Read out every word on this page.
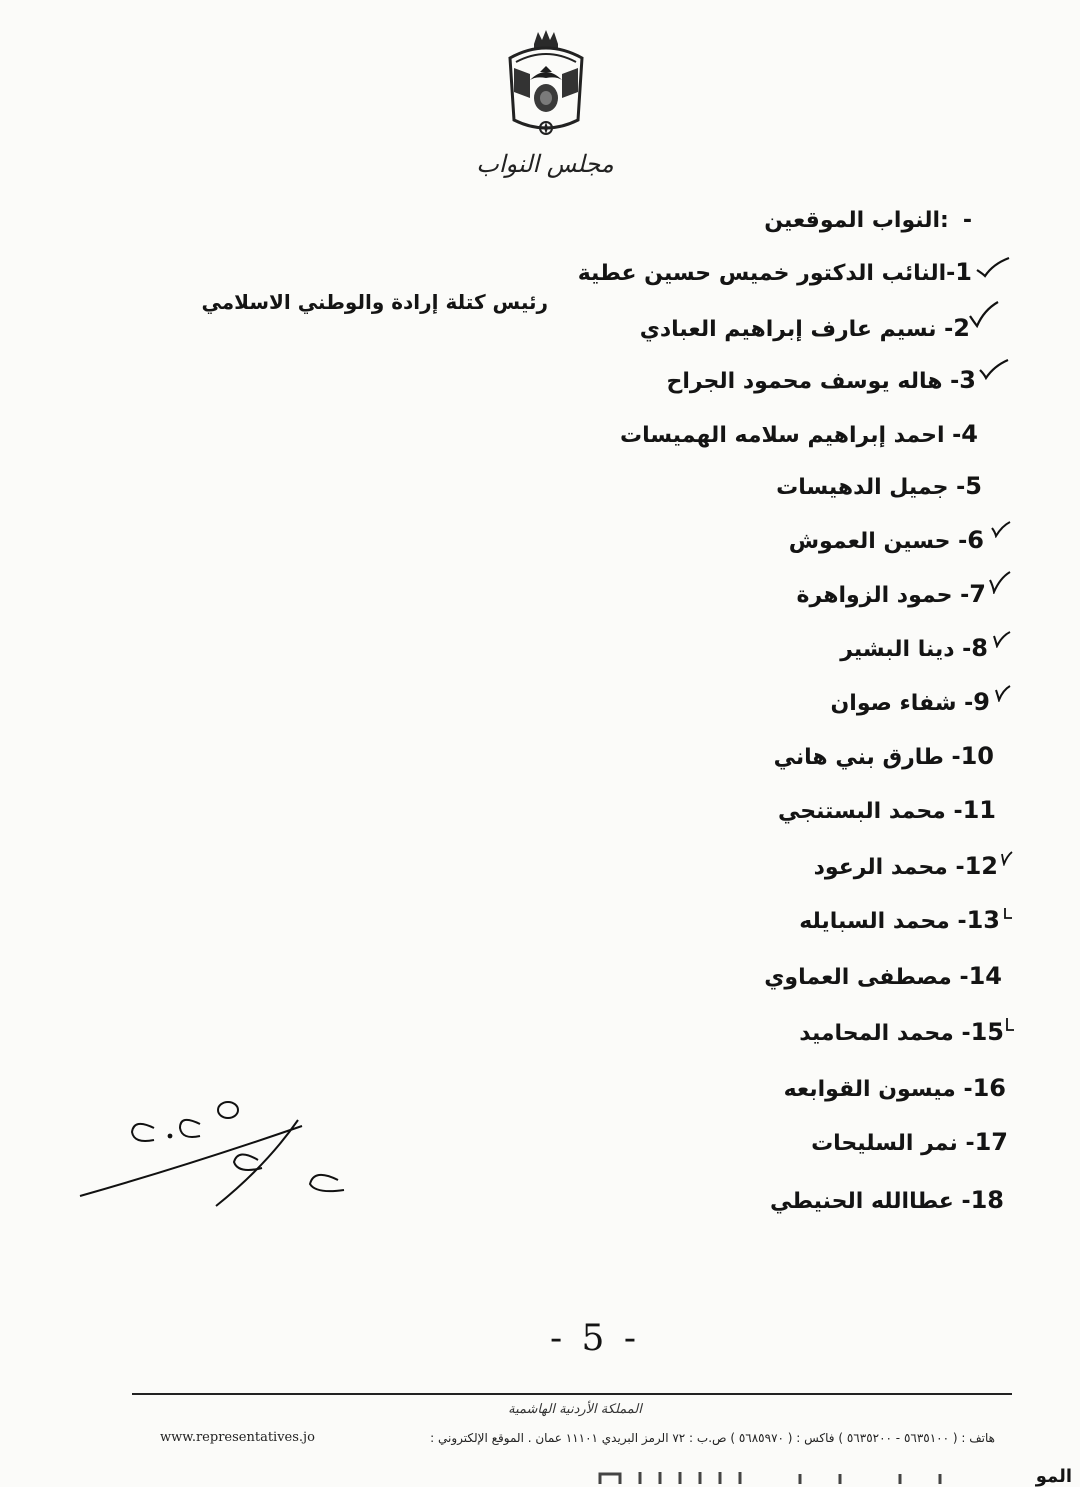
مجلس النواب
-:النواب الموقعين
1-النائب الدكتور خميس حسين عطية
رئيس كتلة إرادة والوطني الاسلامي
2- نسيم عارف إبراهيم العبادي
3- هاله يوسف محمود الجراح
4- احمد إبراهيم سلامه الهميسات
5- جميل الدهيسات
6- حسين العموش
7- حمود الزواهرة
8- دينا البشير
9- شفاء صوان
10- طارق بني هاني
11- محمد البستنجي
12- محمد الرعود
13- محمد السبايله
14- مصطفى العماوي
15- محمد المحاميد
16- ميسون القوابعه
17- نمر السليحات
18- عطاالله الحنيطي
٢.٢٥
٢/٢
- 5 -
المملكة الأردنية الهاشمية
هاتف : ( ٥٦٣٥١٠٠ - ٥٦٣٥٢٠٠ ) فاكس : ( ٥٦٨٥٩٧٠ ) ص.ب : ٧٢ الرمز البريدي ١١١٠١ عمان . الموقع الإلكتروني :
www.representatives.jo
المو
